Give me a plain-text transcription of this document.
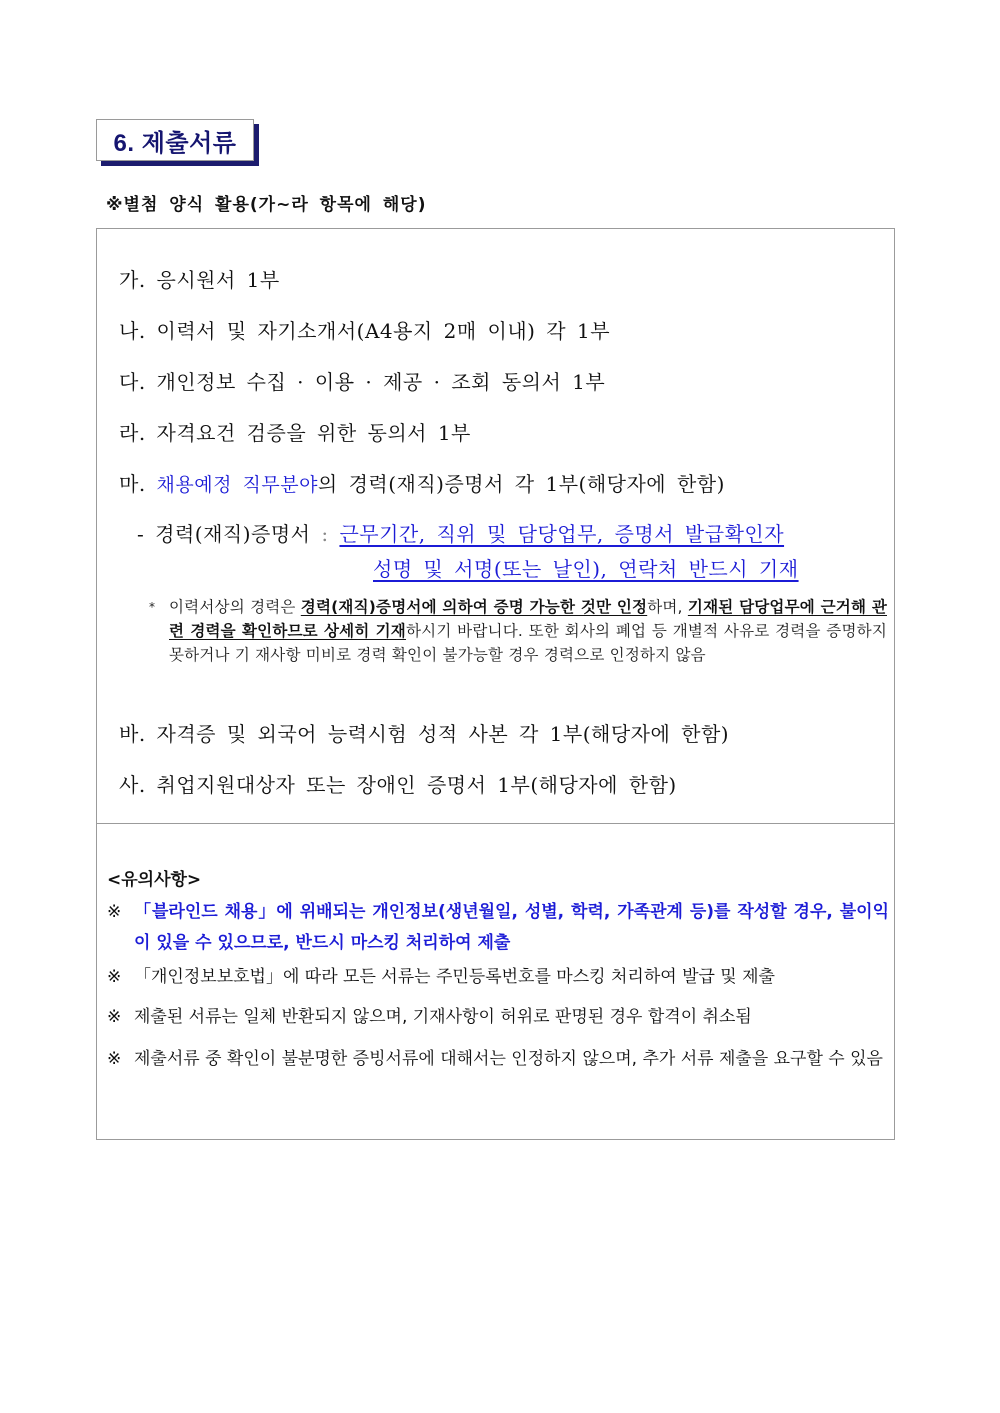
6. 제출서류
※별첨 양식 활용(가~라 항목에 해당)
가. 응시원서 1부
나. 이력서 및 자기소개서(A4용지 2매 이내) 각 1부
다. 개인정보 수집 · 이용 · 제공 · 조회 동의서 1부
라. 자격요건 검증을 위한 동의서 1부
마. 채용예정 직무분야의 경력(재직)증명서 각 1부(해당자에 한함)
- 경력(재직)증명서 : 근무기간, 직위 및 담당업무, 증명서 발급확인자
성명 및 서명(또는 날인), 연락처 반드시 기재
* 이력서상의 경력은 경력(재직)증명서에 의하여 증명 가능한 것만 인정하며, 기재된 담당업무에 근거해 관련 경력을 확인하므로 상세히 기재하시기 바랍니다. 또한 회사의 폐업 등 개별적 사유로 경력을 증명하지 못하거나 기 재사항 미비로 경력 확인이 불가능할 경우 경력으로 인정하지 않음
바. 자격증 및 외국어 능력시험 성적 사본 각 1부(해당자에 한함)
사. 취업지원대상자 또는 장애인 증명서 1부(해당자에 한함)
<유의사항>
※ 「블라인드 채용」에 위배되는 개인정보(생년월일, 성별, 학력, 가족관계 등)를 작성할 경우, 불이익이 있을 수 있으므로, 반드시 마스킹 처리하여 제출
※ 「개인정보보호법」에 따라 모든 서류는 주민등록번호를 마스킹 처리하여 발급 및 제출
※ 제출된 서류는 일체 반환되지 않으며, 기재사항이 허위로 판명된 경우 합격이 취소됨
※ 제출서류 중 확인이 불분명한 증빙서류에 대해서는 인정하지 않으며, 추가 서류 제출을 요구할 수 있음
